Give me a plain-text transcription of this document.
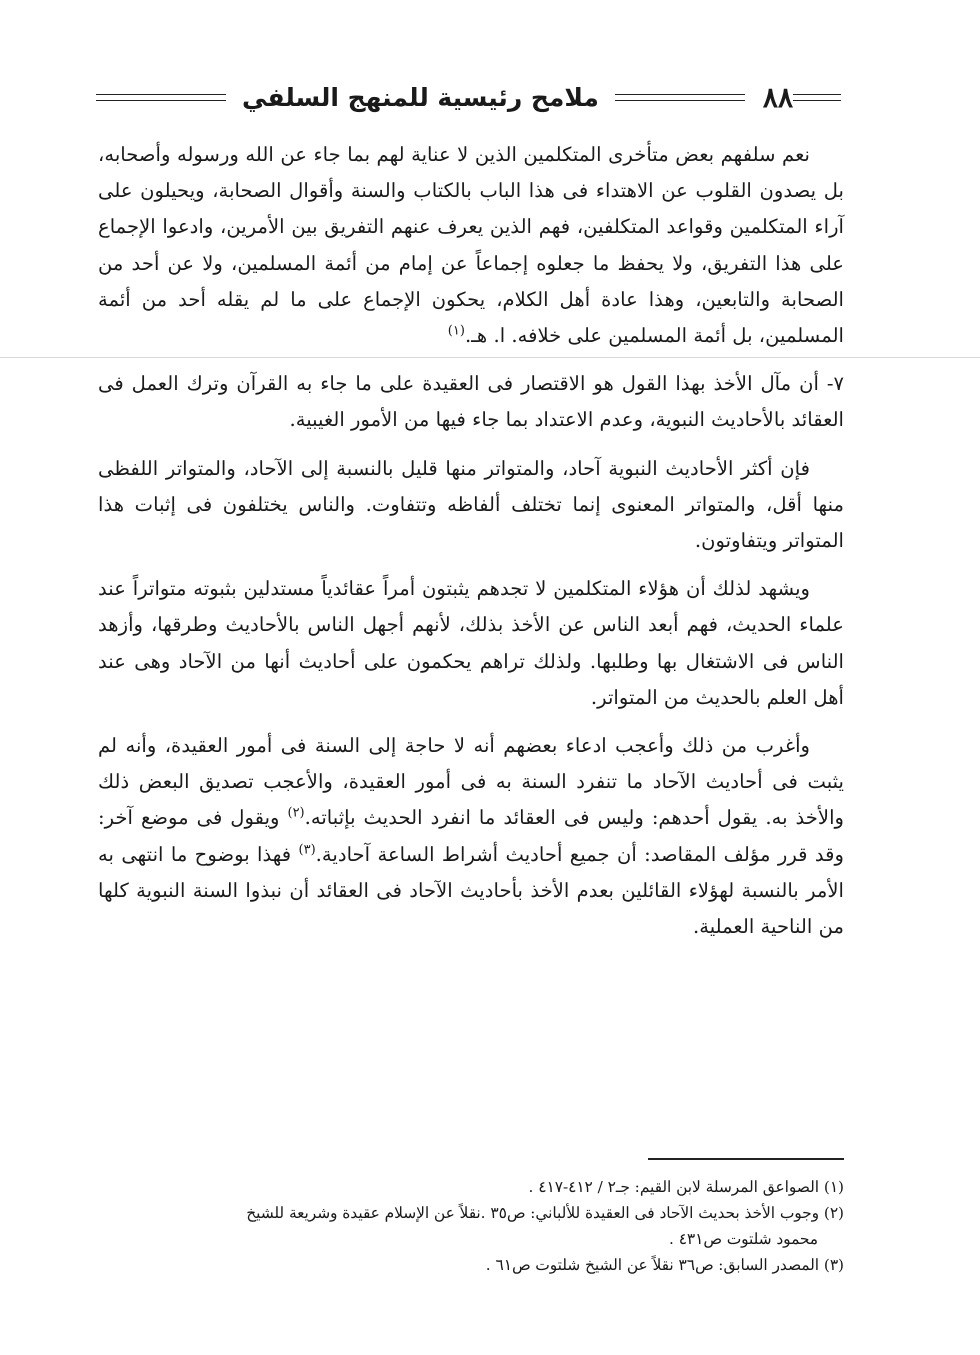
٨٨
ملامح رئيسية للمنهج السلفي

نعم سلفهم بعض متأخرى المتكلمين الذين لا عناية لهم بما جاء عن الله ورسوله وأصحابه، بل يصدون القلوب عن الاهتداء فى هذا الباب بالكتاب والسنة وأقوال الصحابة، ويحيلون على آراء المتكلمين وقواعد المتكلفين، فهم الذين يعرف عنهم التفريق بين الأمرين، وادعوا الإجماع على هذا التفريق، ولا يحفظ ما جعلوه إجماعاً عن إمام من أئمة المسلمين، ولا عن أحد من الصحابة والتابعين، وهذا عادة أهل الكلام، يحكون الإجماع على ما لم يقله أحد من أئمة المسلمين، بل أئمة المسلمين على خلافه. ا. هـ.$^{(١)}$

٧- أن مآل الأخذ بهذا القول هو الاقتصار فى العقيدة على ما جاء به القرآن وترك العمل فى العقائد بالأحاديث النبوية، وعدم الاعتداد بما جاء فيها من الأمور الغيبية.

فإن أكثر الأحاديث النبوية آحاد، والمتواتر منها قليل بالنسبة إلى الآحاد، والمتواتر اللفظى منها أقل، والمتواتر المعنوى إنما تختلف ألفاظه وتتفاوت. والناس يختلفون فى إثبات هذا المتواتر ويتفاوتون.

ويشهد لذلك أن هؤلاء المتكلمين لا تجدهم يثبتون أمراً عقائدياً مستدلين بثبوته متواتراً عند علماء الحديث، فهم أبعد الناس عن الأخذ بذلك، لأنهم أجهل الناس بالأحاديث وطرقها، وأزهد الناس فى الاشتغال بها وطلبها. ولذلك تراهم يحكمون على أحاديث أنها من الآحاد وهى عند أهل العلم بالحديث من المتواتر.

وأغرب من ذلك وأعجب ادعاء بعضهم أنه لا حاجة إلى السنة فى أمور العقيدة، وأنه لم يثبت فى أحاديث الآحاد ما تنفرد السنة به فى أمور العقيدة، والأعجب تصديق البعض ذلك والأخذ به. يقول أحدهم: وليس فى العقائد ما انفرد الحديث بإثباته.$^{(٢)}$ ويقول فى موضع آخر: وقد قرر مؤلف المقاصد: أن جميع أحاديث أشراط الساعة آحادية.$^{(٣)}$ فهذا بوضوح ما انتهى به الأمر بالنسبة لهؤلاء القائلين بعدم الأخذ بأحاديث الآحاد فى العقائد أن نبذوا السنة النبوية كلها من الناحية العملية.

(١) الصواعق المرسلة لابن القيم: جـ٢ / ٤١٢-٤١٧ .

(٢) وجوب الأخذ بحديث الآحاد فى العقيدة للألباني: ص٣٥ .نقلاً عن الإسلام عقيدة وشريعة للشيخ

محمود شلتوت ص٤٣١ .

(٣) المصدر السابق: ص٣٦ نقلاً عن الشيخ شلتوت ص٦١ .
